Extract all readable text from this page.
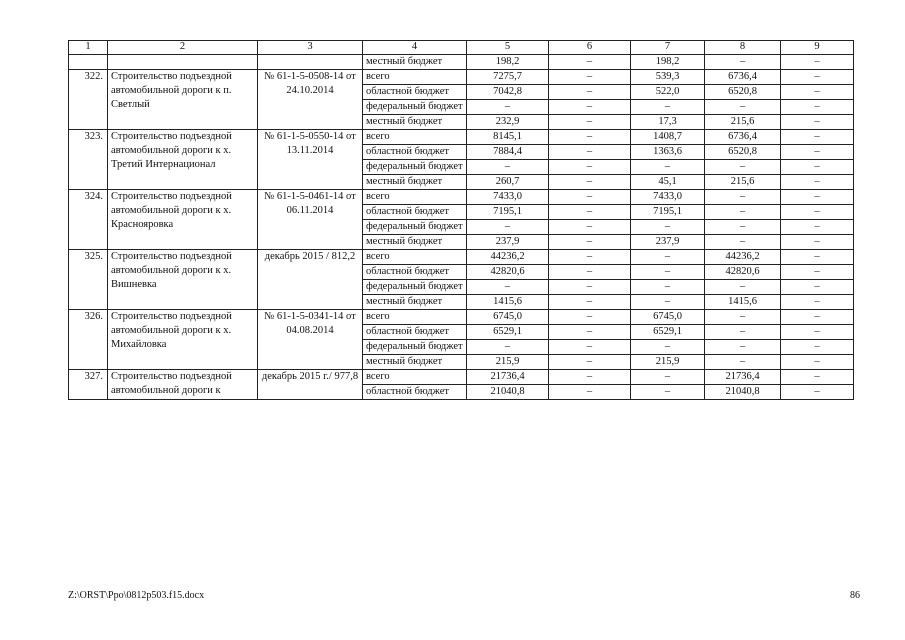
1	2	3	4	5	6	7	8	9
			местный бюджет	198,2	–	198,2	–	–
322.	Строительство подъездной автомобильной дороги к п. Светлый	№ 61-1-5-0508-14 от 24.10.2014	всего	7275,7	–	539,3	6736,4	–
			областной бюджет	7042,8	–	522,0	6520,8	–
			федеральный бюджет	–	–	–	–	–
			местный бюджет	232,9	–	17,3	215,6	–
323.	Строительство подъездной автомобильной дороги к х. Третий Интернационал	№ 61-1-5-0550-14 от 13.11.2014	всего	8145,1	–	1408,7	6736,4	–
			областной бюджет	7884,4	–	1363,6	6520,8	–
			федеральный бюджет	–	–	–	–	–
			местный бюджет	260,7	–	45,1	215,6	–
324.	Строительство подъездной автомобильной дороги к х. Краснояровка	№ 61-1-5-0461-14 от 06.11.2014	всего	7433,0	–	7433,0	–	–
			областной бюджет	7195,1	–	7195,1	–	–
			федеральный бюджет	–	–	–	–	–
			местный бюджет	237,9	–	237,9	–	–
325.	Строительство подъездной автомобильной дороги к х. Вишневка	декабрь 2015 / 812,2	всего	44236,2	–	–	44236,2	–
			областной бюджет	42820,6	–	–	42820,6	–
			федеральный бюджет	–	–	–	–	–
			местный бюджет	1415,6	–	–	1415,6	–
326.	Строительство подъездной автомобильной дороги к х. Михайловка	№ 61-1-5-0341-14 от 04.08.2014	всего	6745,0	–	6745,0	–	–
			областной бюджет	6529,1	–	6529,1	–	–
			федеральный бюджет	–	–	–	–	–
			местный бюджет	215,9	–	215,9	–	–
327.	Строительство подъездной автомобильной дороги к	декабрь 2015 г./ 977,8	всего	21736,4	–	–	21736,4	–
			областной бюджет	21040,8	–	–	21040,8	–
Z:\ORST\Ppo\0812p503.f15.docx	86
